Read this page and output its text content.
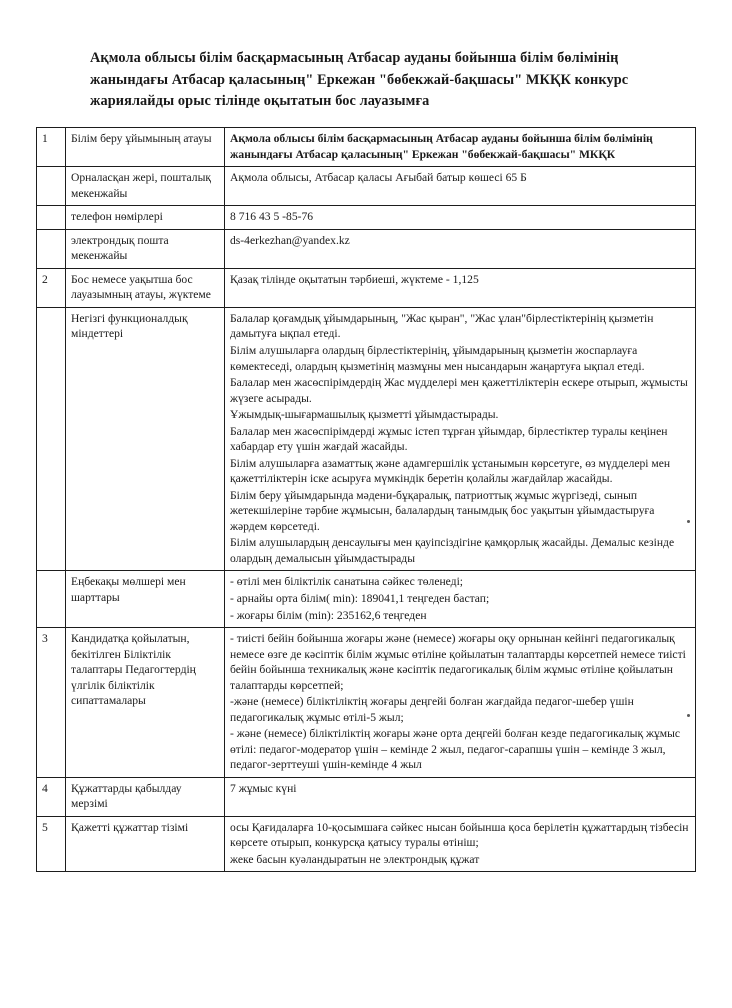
Ақмола облысы білім басқармасының Атбасар ауданы бойынша білім бөлімінің жанындағы Атбасар қаласының" Еркежан "бөбекжай-бақшасы" МКҚК конкурс жариялайды орыс тілінде оқытатын бос лауазымға
1	Білім беру ұйымының атауы	Ақмола облысы білім басқармасының Атбасар ауданы бойынша білім бөлімінің жанындағы Атбасар қаласының" Еркежан "бөбекжай-бақшасы" МКҚК
	Орналасқан жері, пошталық мекенжайы	Ақмола облысы, Атбасар қаласы Ағыбай батыр көшесі 65 Б
	телефон нөмірлері	8 716 43 5 -85-76
	электрондық пошта мекенжайы	ds-4erkezhan@yandex.kz
2	Бос немесе уақытша бос лауазымның атауы, жүктеме	Қазақ тілінде оқытатын тәрбиешi, жүктеме - 1,125
	Негізгі функционалдық міндеттері	
Балалар қоғамдық ұйымдарының, "Жас қыран", "Жас ұлан"бірлестіктерінің қызметін дамытуға ықпал етеді.
Білім алушыларға олардың бірлестіктерінің, ұйымдарының қызметін жоспарлауға көмектеседі, олардың қызметінің мазмұны мен нысандарын жаңартуға ықпал етеді.
Балалар мен жасөспірімдердің Жас мүдделері мен қажеттіліктерін ескере отырып, жұмысты жүзеге асырады.
Ұжымдық-шығармашылық қызметті ұйымдастырады.
Балалар мен жасөспірімдерді жұмыс істеп тұрған ұйымдар, бірлестіктер туралы кеңінен хабардар ету үшін жағдай жасайды.
Білім алушыларға азаматтық және адамгершілік ұстанымын көрсетуге, өз мүдделері мен қажеттіліктерін іске асыруға мүмкіндік беретін қолайлы жағдайлар жасайды.
Білім беру ұйымдарында мәдени-бұқаралық, патриоттық жұмыс жүргізеді, сынып жетекшілеріне тәрбие жұмысын, балалардың танымдық бос уақытын ұйымдастыруға жәрдем көрсетеді.
Білім алушылардың денсаулығы мен қауіпсіздігіне қамқорлық жасайды. Демалыс кезінде олардың демалысын ұйымдастырады

	Еңбекақы мөлшері мен шарттары	- өтілі мен біліктілік санатына сәйкес төленеді;
- арнайы орта білім( min): 189041,1 теңгеден бастап;
- жоғары білім (min): 235162,6 теңгеден

3	Кандидатқа қойылатын, бекітілген Біліктілік талаптары Педагогтердің үлгілік біліктілік сипаттамалары	- тиісті бейін бойынша жоғары және (немесе) жоғары оқу орнынан кейінгі педагогикалық немесе өзге де кәсіптік білім жұмыс өтіліне қойылатын талаптарды көрсетпей немесе тиісті бейін бойынша техникалық және кәсіптік педагогикалық білім жұмыс өтіліне қойылатын талаптарды көрсетпей;
-және (немесе) біліктіліктің жоғары деңгейі болған жағдайда педагог-шебер үшін педагогикалық жұмыс өтілі-5 жыл;
- және (немесе) біліктіліктің жоғары және орта деңгейі болған кезде педагогикалық жұмыс өтілі: педагог-модератор үшін – кемінде 2 жыл, педагог-сарапшы үшін – кемінде 3 жыл, педагог-зерттеуші үшін-кемінде 4 жыл

4	Құжаттарды қабылдау мерзімі	7 жұмыс күні
5	Қажетті құжаттар тізімі	осы Қағидаларға 10-қосымшаға сәйкес нысан бойынша қоса берілетін құжаттардың тізбесін көрсете отырып, конкурсқа қатысу туралы өтініш;
жеке басын куәландыратын не электрондық құжат
